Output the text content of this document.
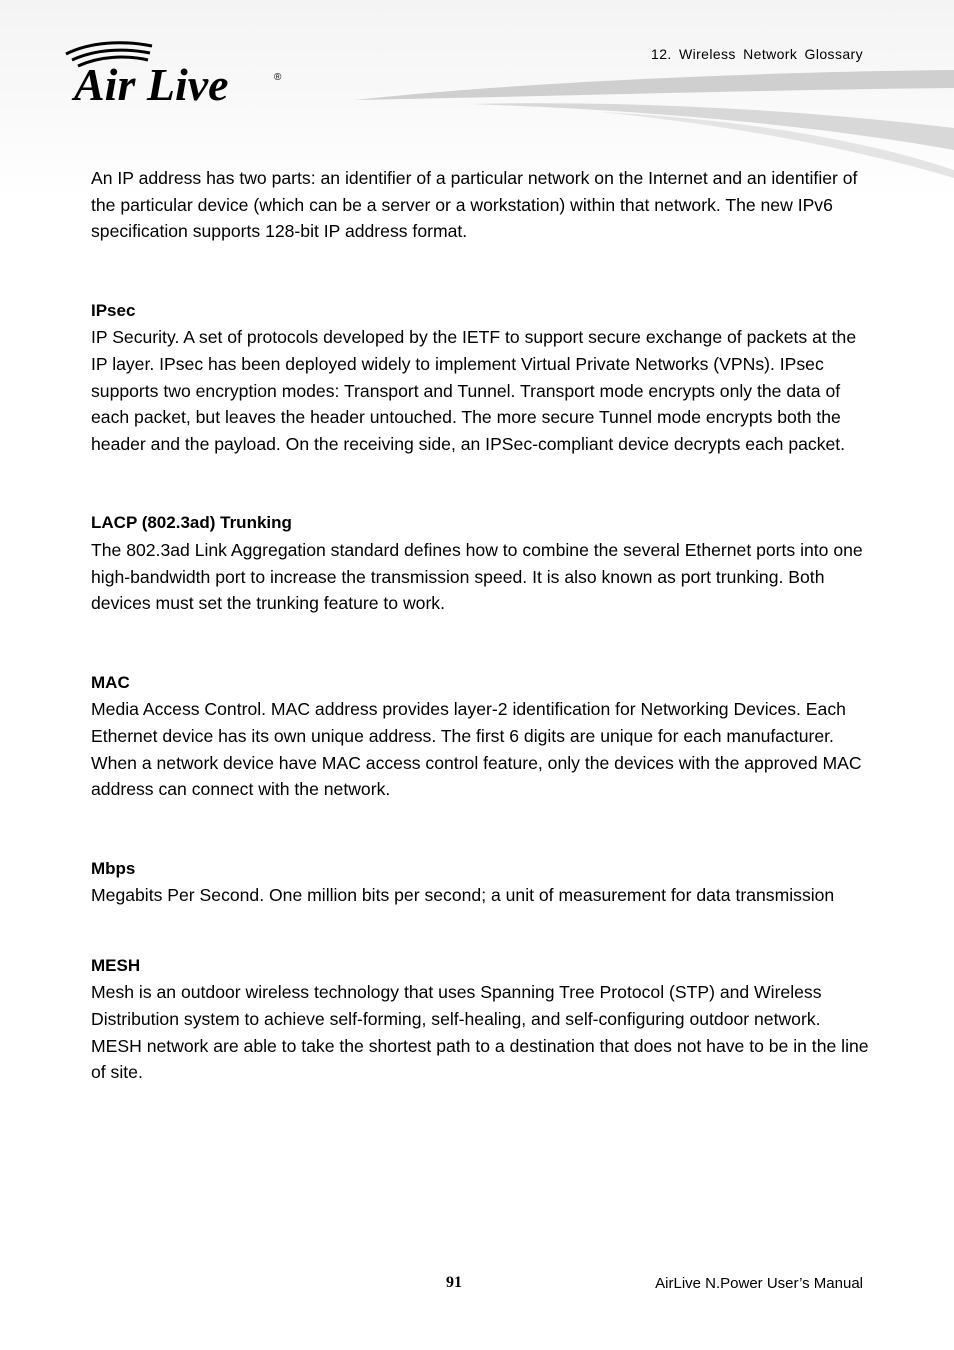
Air Live	®
12. Wireless Network Glossary

An IP address has two parts: an identifier of a particular network on the Internet and an identifier of the particular device (which can be a server or a workstation) within that network. The new IPv6 specification supports 128-bit IP address format.

IPsec

IP Security. A set of protocols developed by the IETF to support secure exchange of packets at the IP layer. IPsec has been deployed widely to implement Virtual Private Networks (VPNs). IPsec supports two encryption modes: Transport and Tunnel. Transport mode encrypts only the data of each packet, but leaves the header untouched. The more secure Tunnel mode encrypts both the header and the payload. On the receiving side, an IPSec-compliant device decrypts each packet.

LACP (802.3ad) Trunking

The 802.3ad Link Aggregation standard defines how to combine the several Ethernet ports into one high-bandwidth port to increase the transmission speed. It is also known as port trunking. Both devices must set the trunking feature to work.

MAC

Media Access Control. MAC address provides layer-2 identification for Networking Devices. Each Ethernet device has its own unique address. The first 6 digits are unique for each manufacturer. When a network device have MAC access control feature, only the devices with the approved MAC address can connect with the network.

Mbps

Megabits Per Second. One million bits per second; a unit of measurement for data transmission

MESH

Mesh is an outdoor wireless technology that uses Spanning Tree Protocol (STP) and Wireless Distribution system to achieve self-forming, self-healing, and self-configuring outdoor network. MESH network are able to take the shortest path to a destination that does not have to be in the line of site.

91	AirLive N.Power User’s Manual
